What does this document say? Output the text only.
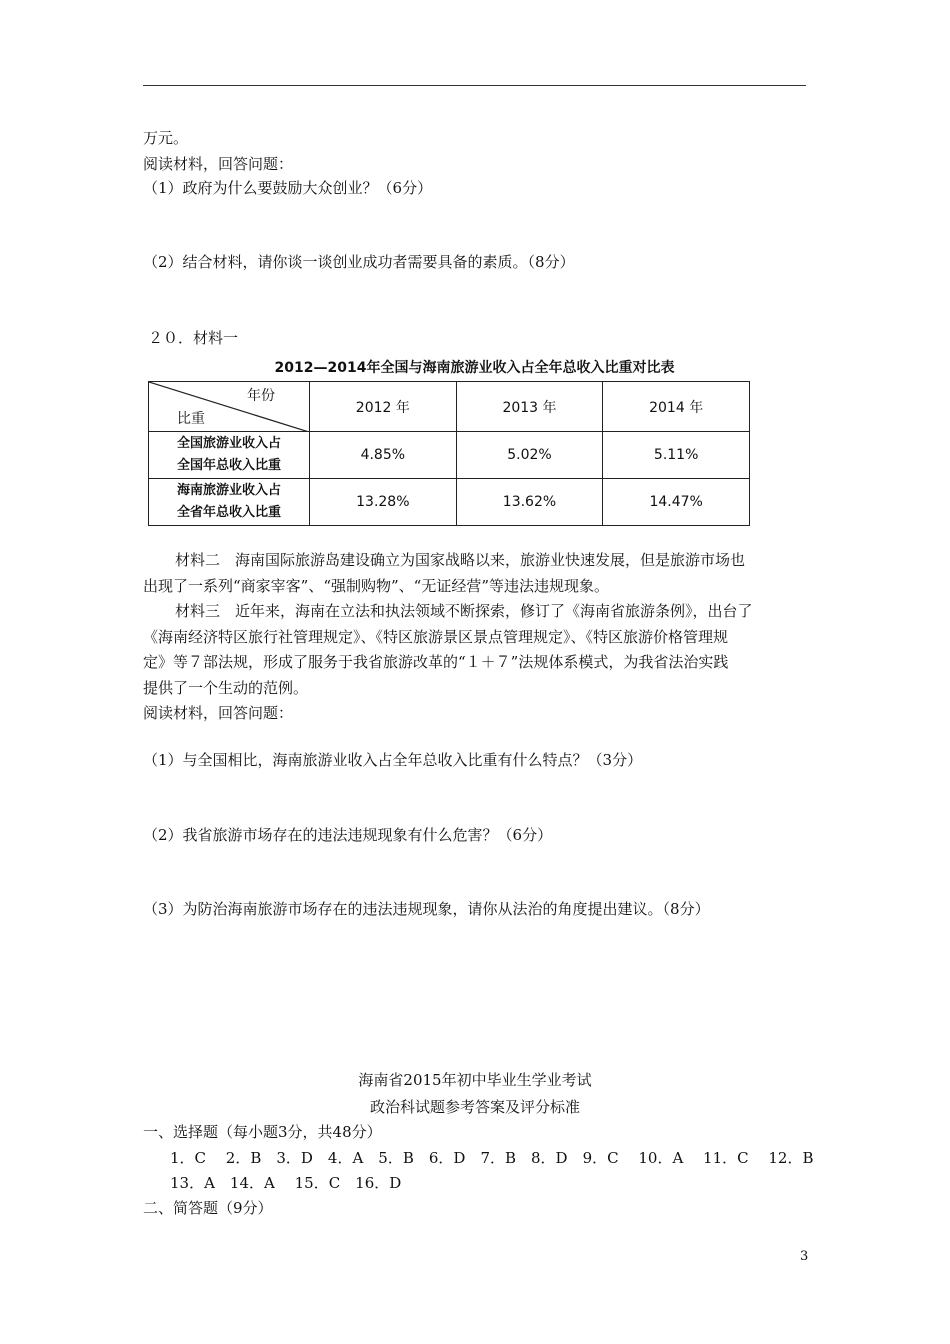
万元。
阅读材料，回答问题：
（1）政府为什么要鼓励大众创业？（6分）
（2）结合材料，请你谈一谈创业成功者需要具备的素质。（8分）
２０．材料一
2012—2014年全国与海南旅游业收入占全年总收入比重对比表
年份
比重	2012 年	2013 年	2014 年

全国旅游业收入占
全国年总收入比重	4.85%	5.02%	5.11%

海南旅游业收入占
全省年总收入比重	13.28%	13.62%	14.47%
材料二　海南国际旅游岛建设确立为国家战略以来，旅游业快速发展，但是旅游市场也
出现了一系列“商家宰客”、“强制购物”、“无证经营”等违法违规现象。
材料三　近年来，海南在立法和执法领域不断探索，修订了《海南省旅游条例》，出台了
《海南经济特区旅行社管理规定》、《特区旅游景区景点管理规定》、《特区旅游价格管理规
定》等７部法规，形成了服务于我省旅游改革的“１＋７”法规体系模式，为我省法治实践
提供了一个生动的范例。
阅读材料，回答问题：
（1）与全国相比，海南旅游业收入占全年总收入比重有什么特点？（3分）
（2）我省旅游市场存在的违法违规现象有什么危害？（6分）
（3）为防治海南旅游市场存在的违法违规现象，请你从法治的角度提出建议。（8分）
海南省2015年初中毕业生学业考试
政治科试题参考答案及评分标准
一、选择题（每小题3分，共48分）
1．C　 2．B　3．D　4．A　5．B　6．D　7．B　8．D　9．C　 10．A　 11．C　 12．B
13．A　14．A　 15．C　16．D
二、简答题（9分）
3
